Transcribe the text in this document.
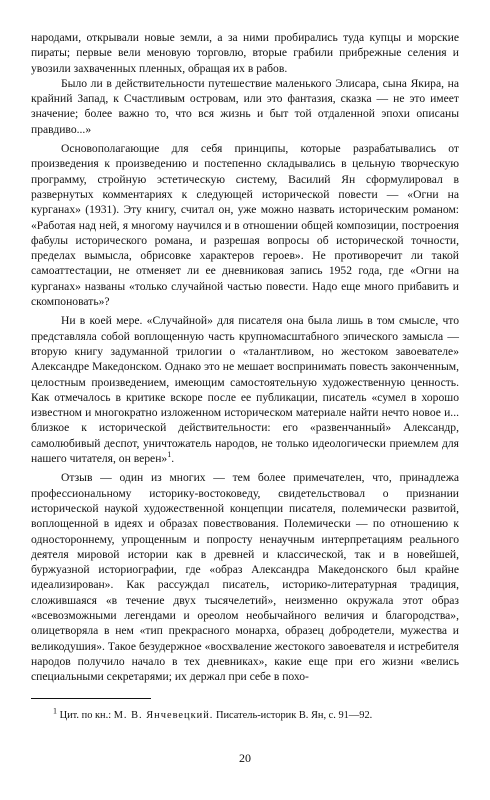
народами, открывали новые земли, а за ними пробирались туда купцы и морские пираты; первые вели меновую торговлю, вторые грабили прибрежные селения и увозили захваченных пленных, обращая их в рабов.

Было ли в действительности путешествие маленького Элисара, сына Якира, на крайний Запад, к Счастливым островам, или это фантазия, сказка — не это имеет значение; более важно то, что вся жизнь и быт той отдаленной эпохи описаны правдиво...»

Основополагающие для себя принципы, которые разрабатывались от произведения к произведению и постепенно складывались в цельную творческую программу, стройную эстетическую систему, Василий Ян сформулировал в развернутых комментариях к следующей исторической повести — «Огни на курганах» (1931). Эту книгу, считал он, уже можно назвать историческим романом: «Работая над ней, я многому научился и в отношении общей композиции, построения фабулы исторического романа, и разрешая вопросы об исторической точности, пределах вымысла, обрисовке характеров героев». Не противоречит ли такой самоаттестации, не отменяет ли ее дневниковая запись 1952 года, где «Огни на курганах» названы «только случайной частью повести. Надо еще много прибавить и скомпоновать»?

Ни в коей мере. «Случайной» для писателя она была лишь в том смысле, что представляла собой воплощенную часть крупномасштабного эпического замысла — вторую книгу задуманной трилогии о «талантливом, но жестоком завоевателе» Александре Македонском. Однако это не мешает воспринимать повесть законченным, целостным произведением, имеющим самостоятельную художественную ценность. Как отмечалось в критике вскоре после ее публикации, писатель «сумел в хорошо известном и многократно изложенном историческом материале найти нечто новое и... близкое к исторической действительности: его «развенчанный» Александр, самолюбивый деспот, уничтожатель народов, не только идеологически приемлем для нашего читателя, он верен»$^1$.

Отзыв — один из многих — тем более примечателен, что, принадлежа профессиональному историку-востоковеду, свидетельствовал о признании исторической наукой художественной концепции писателя, полемически развитой, воплощенной в идеях и образах повествования. Полемически — по отношению к одностороннему, упрощенным и попросту ненаучным интерпретациям реального деятеля мировой истории как в древней и классической, так и в новейшей, буржуазной историографии, где «образ Александра Македонского был крайне идеализирован». Как рассуждал писатель, историко-литературная традиция, сложившаяся «в течение двух тысячелетий», неизменно окружала этот образ «всевозможными легендами и ореолом необычайного величия и благородства», олицетворяла в нем «тип прекрасного монарха, образец добродетели, мужества и великодушия». Такое безудержное «восхваление жестокого завоевателя и истребителя народов получило начало в тех дневниках», какие еще при его жизни «велись специальными секретарями; их держал при себе в похо-

$^1$ Цит. по кн.: М. В. Янчевецкий. Писатель-историк В. Ян, с. 91—92.

20
